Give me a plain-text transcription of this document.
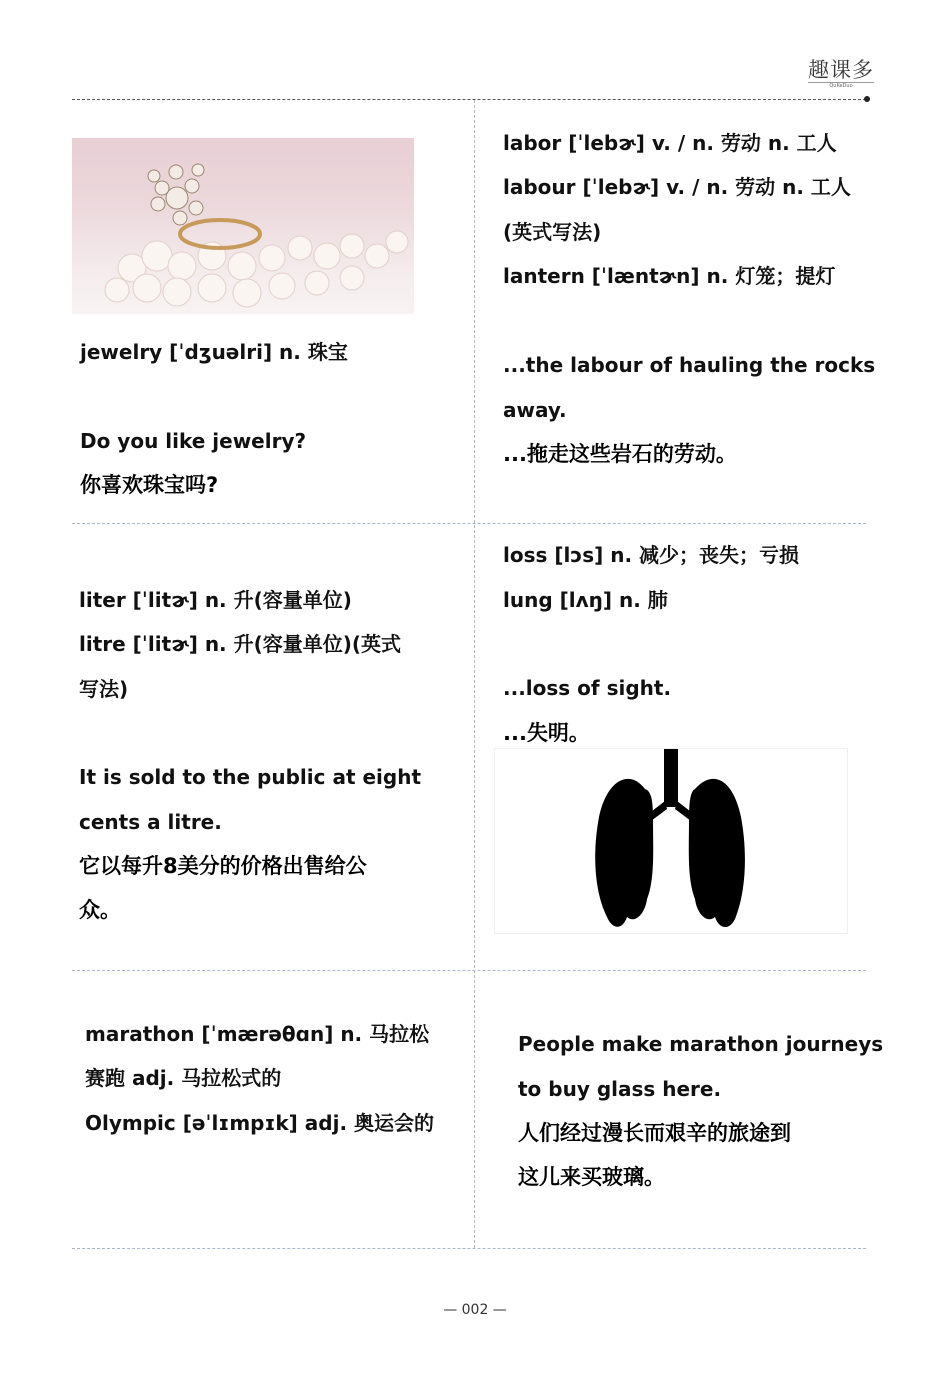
趣课多
QuKeDuo
jewelry [ˈdʒuəlri] n. 珠宝
Do you like jewelry?
你喜欢珠宝吗?
labor [ˈlebɚ] v. / n. 劳动 n. 工人
labour [ˈlebɚ] v. / n. 劳动 n. 工人
(英式写法)
lantern [ˈlæntɚn] n. 灯笼；提灯
...the labour of hauling the rocks
away.
...拖走这些岩石的劳动。
liter [ˈlitɚ] n. 升(容量单位)
litre [ˈlitɚ] n. 升(容量单位)(英式
写法)
It is sold to the public at eight
cents a litre.
它以每升8美分的价格出售给公
众。
loss [lɔs] n. 减少；丧失；亏损
lung [lʌŋ] n. 肺
...loss of sight.
...失明。
marathon [ˈmærəθɑn] n. 马拉松
赛跑 adj. 马拉松式的
Olympic [əˈlɪmpɪk] adj. 奥运会的
People make marathon journeys
to buy glass here.
人们经过漫长而艰辛的旅途到
这儿来买玻璃。
— 002 —
